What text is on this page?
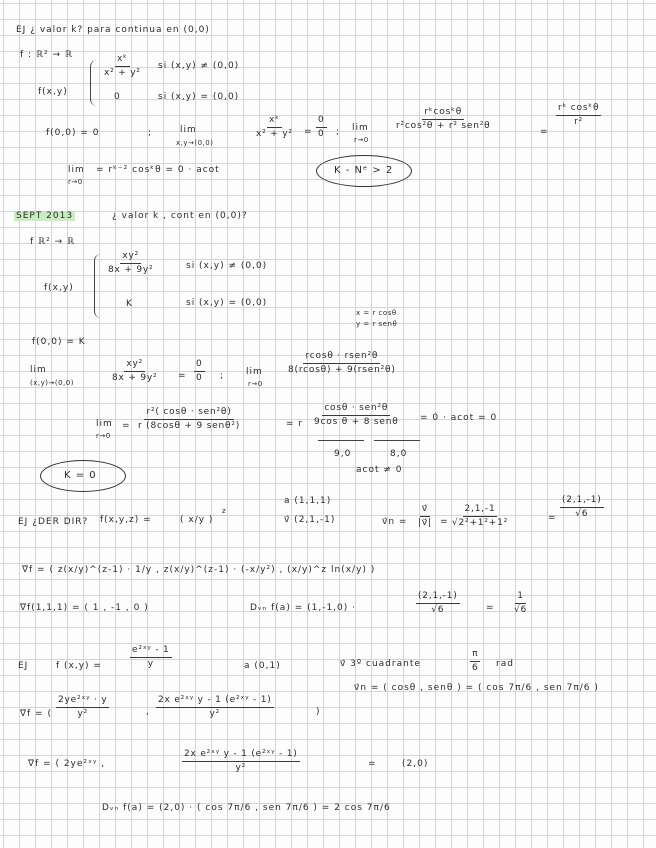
EJ ¿ valor k? para continua en (0,0)
f : ℝ² → ℝ
f(x,y)
$\frac{\text{xᵏ}}{\text{x² + y²}}$ si (x,y) ≠ (0,0)
0	si (x,y) = (0,0)
f(0,0) = 0	;	lim
x,y→(0,0)
$\frac{\text{xᵏ}}{\text{x² + y²}} = \frac{0}{0}$ ; lim
r→0
rᵏcosᵏθ
r²cos²θ + r² sen²θ
=
$\frac{\text{rᵏ cosᵏθ}}{\text{r²}}$
lim
r→0
= rᵏ⁻² cosᵏθ = 0 · acot	K - Nᵉ > 2
SEPT 2013	¿ valor k , cont en (0,0)?
f ℝ² → ℝ
f(x,y)
$\frac{\text{xy²}}{\text{8x + 9y²}}$	si (x,y) ≠ (0,0)
K	si (x,y) = (0,0)
x = r cosθ
y = r senθ
f(0,0) = K
lim
(x,y)→(0,0)	$\frac{\text{xy²}}{\text{8x + 9y²}} = \frac{0}{0}$ ; lim
r→0
rcosθ · rsen²θ
8(rcosθ) + 9(rsen²θ)
lim
r→0
=
r²( cosθ · sen²θ)
r (8cosθ + 9 senθ²)	= r
cosθ · sen²θ
9cos θ + 8 senθ = 0 · acot = 0
9,0	8,0
acot ≠ 0
K = 0
EJ ¿DER DIR? f(x,y,z) =	( x/y )
z
a (1,1,1)
v⃗ (2,1,-1)	v⃗n = $\frac{v⃗}{|v⃗|} = \frac{2,1,-1}{\text{√2²+1²+1²}}$	= $\frac{(2,1,-1)}{√6}$
∇f = ( z(x/y)^(z-1) · 1/y , z(x/y)^(z-1) · (-x/y²) , (x/y)^z ln(x/y) )
∇f(1,1,1) = ( 1 , -1 , 0 )	Dᵥₙ f(a) = (1,-1,0) ·	$\frac{(2,1,-1)}{√6}$	= $\frac{1}{√6}$
EJ	f (x,y) =	$\frac{\text{e²ˣʸ - 1}}{y}$	a (0,1)	v⃗ 3º cuadrante	$\frac{\pi}{6}$ rad
v⃗n = ( cosθ , senθ ) = ( cos 7π/6 , sen 7π/6 )
∇f = ( $\frac{\text{2ye²ˣʸ · y}}{\text{y²}}$	, $\frac{\text{2x e²ˣʸ y - 1 (e²ˣʸ - 1)}}{\text{y²}}$	)
∇f = ( 2ye²ˣʸ ,	$\frac{\text{2x e²ˣʸ y - 1 (e²ˣʸ - 1)}}{\text{y²}}$	=	(2,0)
Dᵥₙ f(a) = (2,0) · ( cos 7π/6 , sen 7π/6 ) = 2 cos 7π/6
